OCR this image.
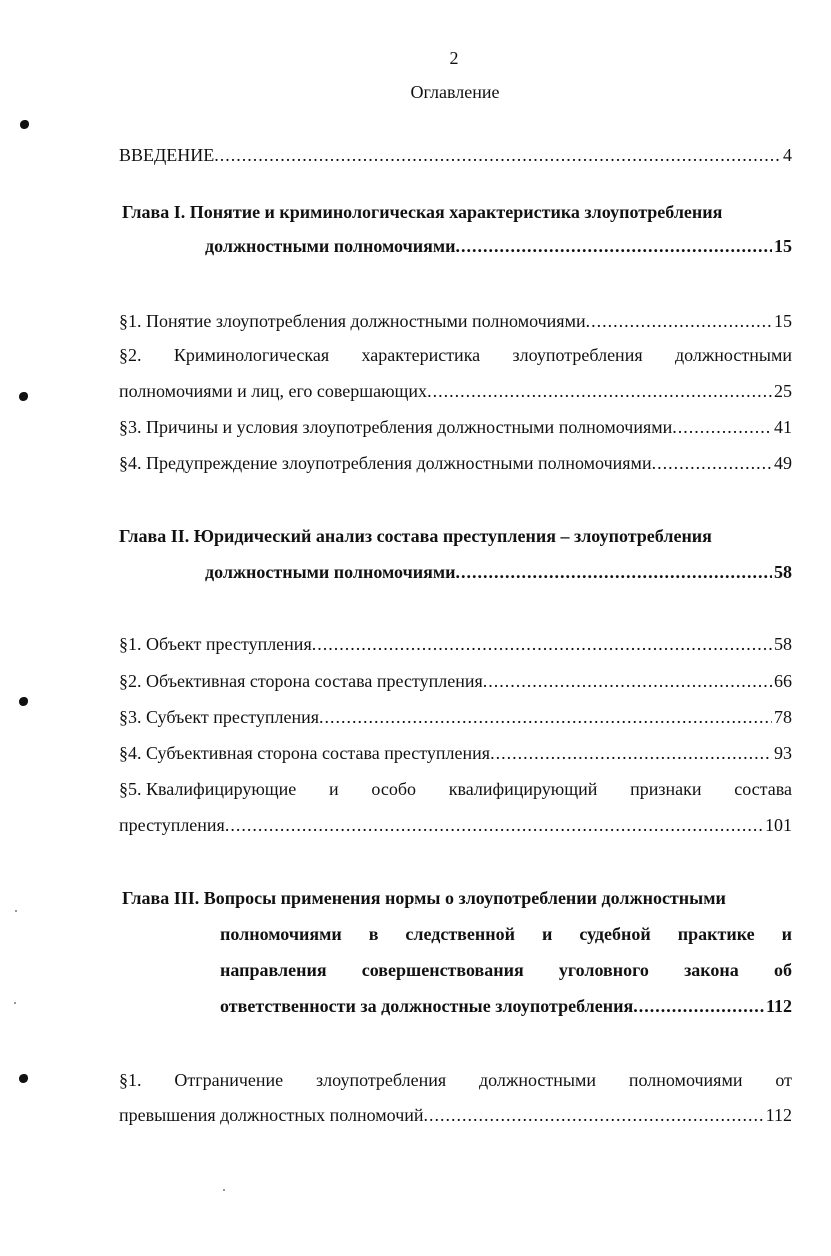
2
Оглавление
ВВЕДЕНИЕ .....	4
Глава I. Понятие и криминологическая характеристика злоупотребления
должностными полномочиями .....	15
§1. Понятие злоупотребления должностными полномочиями .....	15
§2. Криминологическая характеристика злоупотребления должностными
полномочиями и лиц, его совершающих .....	25
§3. Причины и условия злоупотребления должностными полномочиями .....	41
§4. Предупреждение злоупотребления должностными полномочиями .....	49
Глава II. Юридический анализ состава преступления – злоупотребления
должностными полномочиями .....	58
§1. Объект преступления .....	58
§2. Объективная сторона состава преступления .....	66
§3. Субъект преступления .....	78
§4. Субъективная сторона состава преступления .....	93
§5. Квалифицирующие и особо квалифицирующий признаки состава
преступления .....	101
Глава III. Вопросы применения нормы о злоупотреблении должностными
полномочиями в следственной и судебной практике и
направления совершенствования уголовного закона об
ответственности за должностные злоупотребления .....	112
§1. Отграничение злоупотребления должностными полномочиями от
превышения должностных полномочий .....	112
